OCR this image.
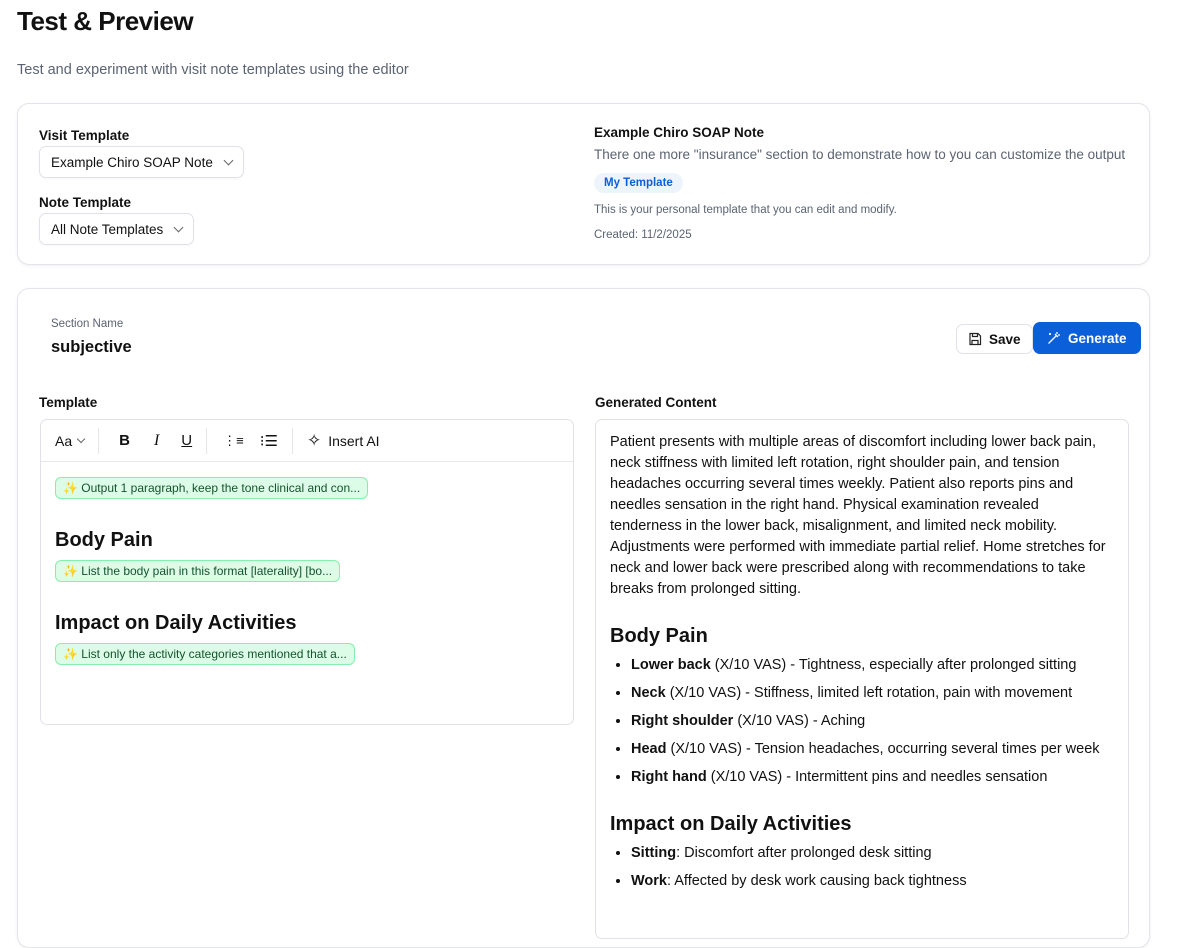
Test & Preview
Test and experiment with visit note templates using the editor
Visit Template
Example Chiro SOAP Note
Note Template
All Note Templates
Example Chiro SOAP Note
There one more "insurance" section to demonstrate how to you can customize the output
My Template
This is your personal template that you can edit and modify.
Created: 11/2/2025
Section Name
subjective	Save	Generate
Template
Aa	B I U ⋮≡ ⁝☰ ✧ Insert AI
✨ Output 1 paragraph, keep the tone clinical and con...
Body Pain
✨ List the body pain in this format [laterality] [bo...
Impact on Daily Activities
✨ List only the activity categories mentioned that a...
Generated Content

Patient presents with multiple areas of discomfort including lower back pain, neck stiffness with limited left rotation, right shoulder pain, and tension headaches occurring several times weekly. Patient also reports pins and needles sensation in the right hand. Physical examination revealed tenderness in the lower back, misalignment, and limited neck mobility. Adjustments were performed with immediate partial relief. Home stretches for neck and lower back were prescribed along with recommendations to take breaks from prolonged sitting.

Body Pain
• Lower back (X/10 VAS) - Tightness, especially after prolonged sitting
• Neck (X/10 VAS) - Stiffness, limited left rotation, pain with movement
• Right shoulder (X/10 VAS) - Aching
• Head (X/10 VAS) - Tension headaches, occurring several times per week
• Right hand (X/10 VAS) - Intermittent pins and needles sensation
Impact on Daily Activities
• Sitting: Discomfort after prolonged desk sitting
• Work: Affected by desk work causing back tightness
